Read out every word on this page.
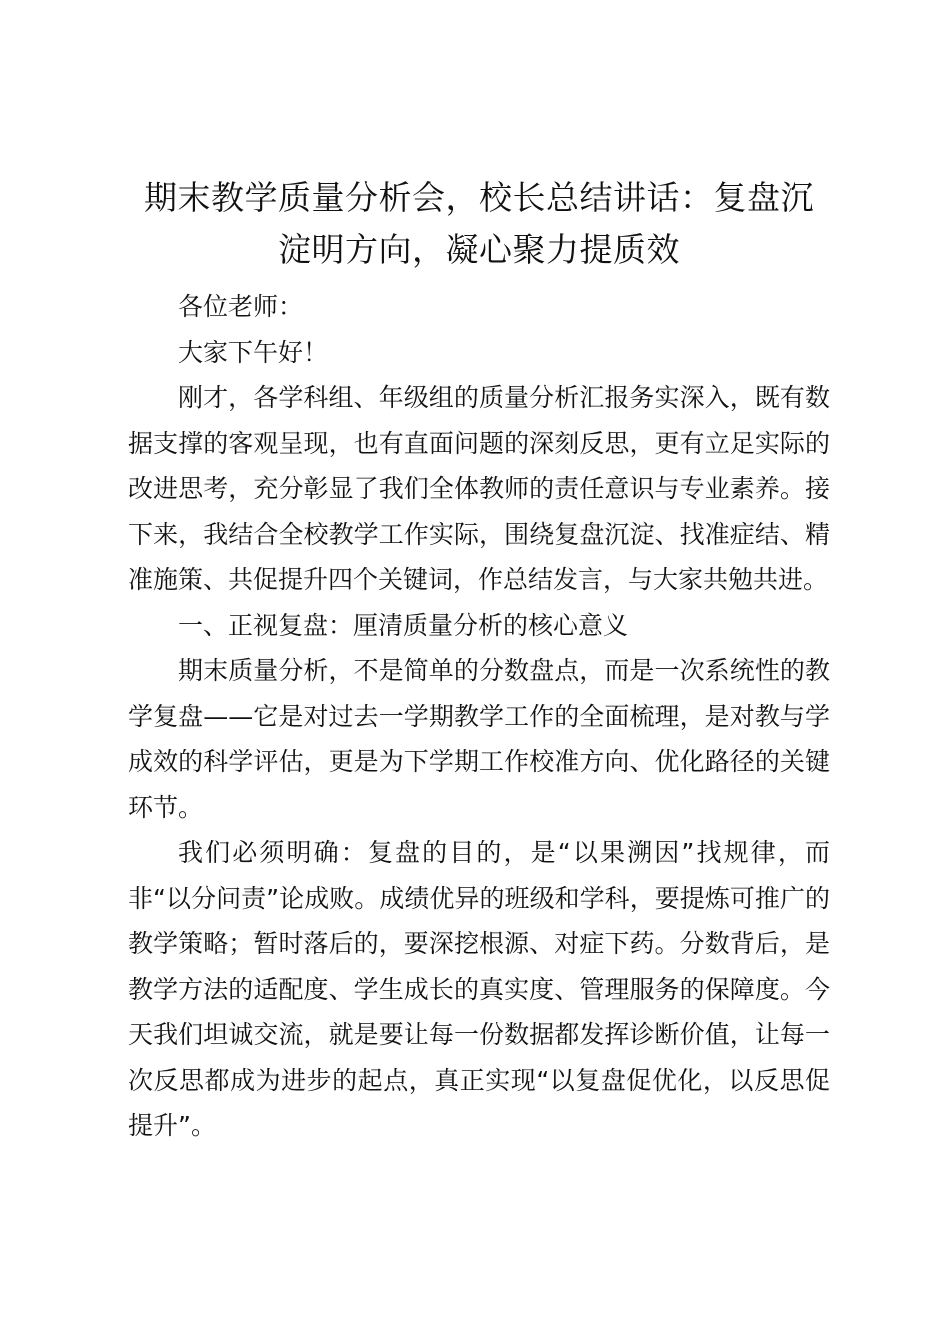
期末教学质量分析会，校长总结讲话：复盘沉淀明方向，凝心聚力提质效

各位老师：

大家下午好！

刚才，各学科组、年级组的质量分析汇报务实深入，既有数据支撑的客观呈现，也有直面问题的深刻反思，更有立足实际的改进思考，充分彰显了我们全体教师的责任意识与专业素养。接下来，我结合全校教学工作实际，围绕复盘沉淀、找准症结、精准施策、共促提升四个关键词，作总结发言，与大家共勉共进。

一、正视复盘：厘清质量分析的核心意义

期末质量分析，不是简单的分数盘点，而是一次系统性的教学复盘——它是对过去一学期教学工作的全面梳理，是对教与学成效的科学评估，更是为下学期工作校准方向、优化路径的关键环节。

我们必须明确：复盘的目的，是“以果溯因”找规律，而非“以分问责”论成败。成绩优异的班级和学科，要提炼可推广的教学策略；暂时落后的，要深挖根源、对症下药。分数背后，是教学方法的适配度、学生成长的真实度、管理服务的保障度。今天我们坦诚交流，就是要让每一份数据都发挥诊断价值，让每一次反思都成为进步的起点，真正实现“以复盘促优化，以反思促提升”。
